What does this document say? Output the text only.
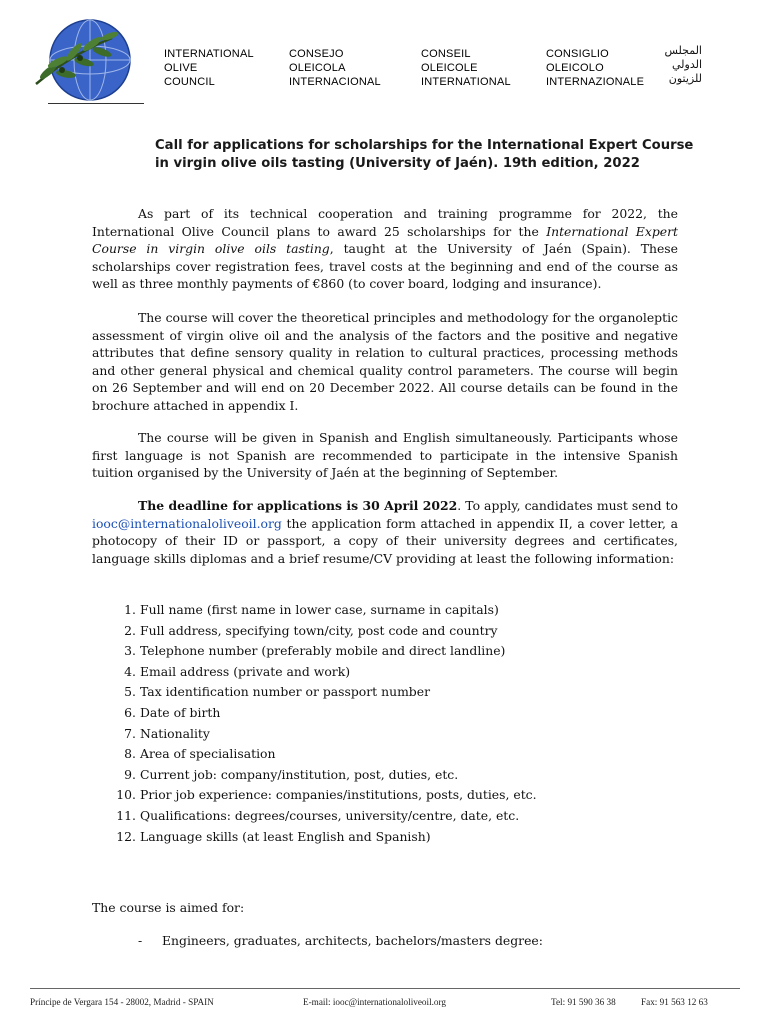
INTERNATIONAL
OLIVE
COUNCIL
CONSEJO
OLEICOLA
INTERNACIONAL
CONSEIL
OLEICOLE
INTERNATIONAL
CONSIGLIO
OLEICOLO
INTERNAZIONALE
المجلس
الدولي
للزيتون
Call for applications for scholarships for the International Expert Course in virgin olive oils tasting (University of Jaén). 19th edition, 2022
As part of its technical cooperation and training programme for 2022, the International Olive Council plans to award 25 scholarships for the International Expert Course in virgin olive oils tasting, taught at the University of Jaén (Spain). These scholarships cover registration fees, travel costs at the beginning and end of the course as well as three monthly payments of €860 (to cover board, lodging and insurance).
The course will cover the theoretical principles and methodology for the organoleptic assessment of virgin olive oil and the analysis of the factors and the positive and negative attributes that define sensory quality in relation to cultural practices, processing methods and other general physical and chemical quality control parameters. The course will begin on 26 September and will end on 20 December 2022. All course details can be found in the brochure attached in appendix I.
The course will be given in Spanish and English simultaneously. Participants whose first language is not Spanish are recommended to participate in the intensive Spanish tuition organised by the University of Jaén at the beginning of September.
The deadline for applications is 30 April 2022. To apply, candidates must send to iooc@internationaloliveoil.org the application form attached in appendix II, a cover letter, a photocopy of their ID or passport, a copy of their university degrees and certificates, language skills diplomas and a brief resume/CV providing at least the following information:
1. Full name (first name in lower case, surname in capitals)
2. Full address, specifying town/city, post code and country
3. Telephone number (preferably mobile and direct landline)
4. Email address (private and work)
5. Tax identification number or passport number
6. Date of birth
7. Nationality
8. Area of specialisation
9. Current job: company/institution, post, duties, etc.
10. Prior job experience: companies/institutions, posts, duties, etc.
11. Qualifications: degrees/courses, university/centre, date, etc.
12. Language skills (at least English and Spanish)
The course is aimed for:
- Engineers, graduates, architects, bachelors/masters degree:
Príncipe de Vergara 154 - 28002, Madrid - SPAIN	E-mail: iooc@internationaloliveoil.org	Tel: 91 590 36 38	Fax: 91 563 12 63
